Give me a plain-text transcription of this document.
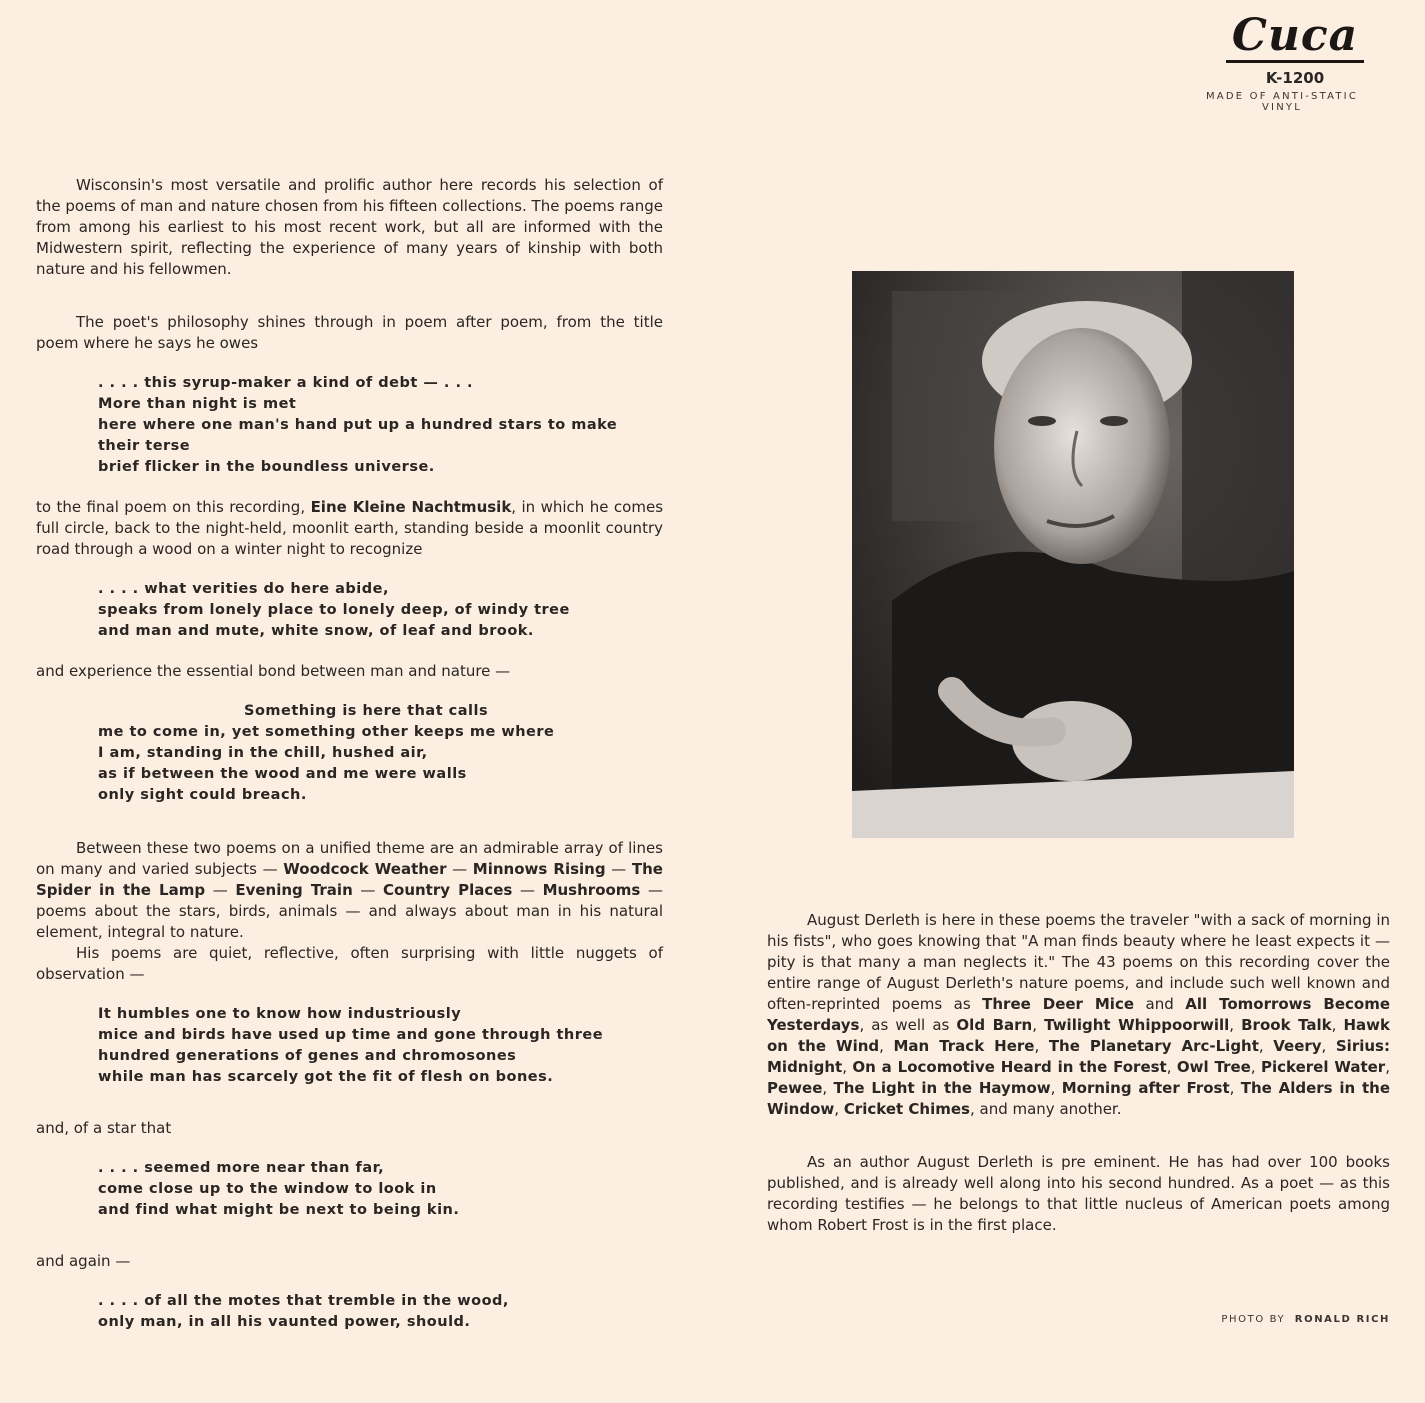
Cuca
K-1200
MADE OF ANTI-STATIC VINYL

Wisconsin's most versatile and prolific author here records his selection of the poems of man and nature chosen from his fifteen collections. The poems range from among his earliest to his most recent work, but all are informed with the Midwestern spirit, reflecting the experience of many years of kinship with both nature and his fellowmen.

The poet's philosophy shines through in poem after poem, from the title poem where he says he owes

. . . . this syrup-maker a kind of debt — . . .
More than night is met
here where one man's hand put up a hundred stars to make
their terse
brief flicker in the boundless universe.

to the final poem on this recording, Eine Kleine Nachtmusik, in which he comes full circle, back to the night-held, moonlit earth, standing beside a moonlit country road through a wood on a winter night to recognize

. . . . what verities do here abide,
speaks from lonely place to lonely deep, of windy tree
and man and mute, white snow, of leaf and brook.

and experience the essential bond between man and nature —

Something is here that calls
me to come in, yet something other keeps me where
I am, standing in the chill, hushed air,
as if between the wood and me were walls
only sight could breach.

Between these two poems on a unified theme are an admirable array of lines on many and varied subjects — Woodcock Weather — Minnows Rising — The Spider in the Lamp — Evening Train — Country Places — Mushrooms — poems about the stars, birds, animals — and always about man in his natural element, integral to nature.

His poems are quiet, reflective, often surprising with little nuggets of observation —

It humbles one to know how industriously
mice and birds have used up time and gone through three
hundred generations of genes and chromosones
while man has scarcely got the fit of flesh on bones.

and, of a star that

. . . . seemed more near than far,
come close up to the window to look in
and find what might be next to being kin.

and again —

. . . . of all the motes that tremble in the wood,
only man, in all his vaunted power, should.

August Derleth is here in these poems the traveler "with a sack of morning in his fists", who goes knowing that "A man finds beauty where he least expects it — pity is that many a man neglects it." The 43 poems on this recording cover the entire range of August Derleth's nature poems, and include such well known and often-reprinted poems as Three Deer Mice and All Tomorrows Become Yesterdays, as well as Old Barn, Twilight Whippoorwill, Brook Talk, Hawk on the Wind, Man Track Here, The Planetary Arc-Light, Veery, Sirius: Midnight, On a Locomotive Heard in the Forest, Owl Tree, Pickerel Water, Pewee, The Light in the Haymow, Morning after Frost, The Alders in the Window, Cricket Chimes, and many another.

As an author August Derleth is pre eminent. He has had over 100 books published, and is already well along into his second hundred. As a poet — as this recording testifies — he belongs to that little nucleus of American poets among whom Robert Frost is in the first place.

PHOTO BY RONALD RICH
